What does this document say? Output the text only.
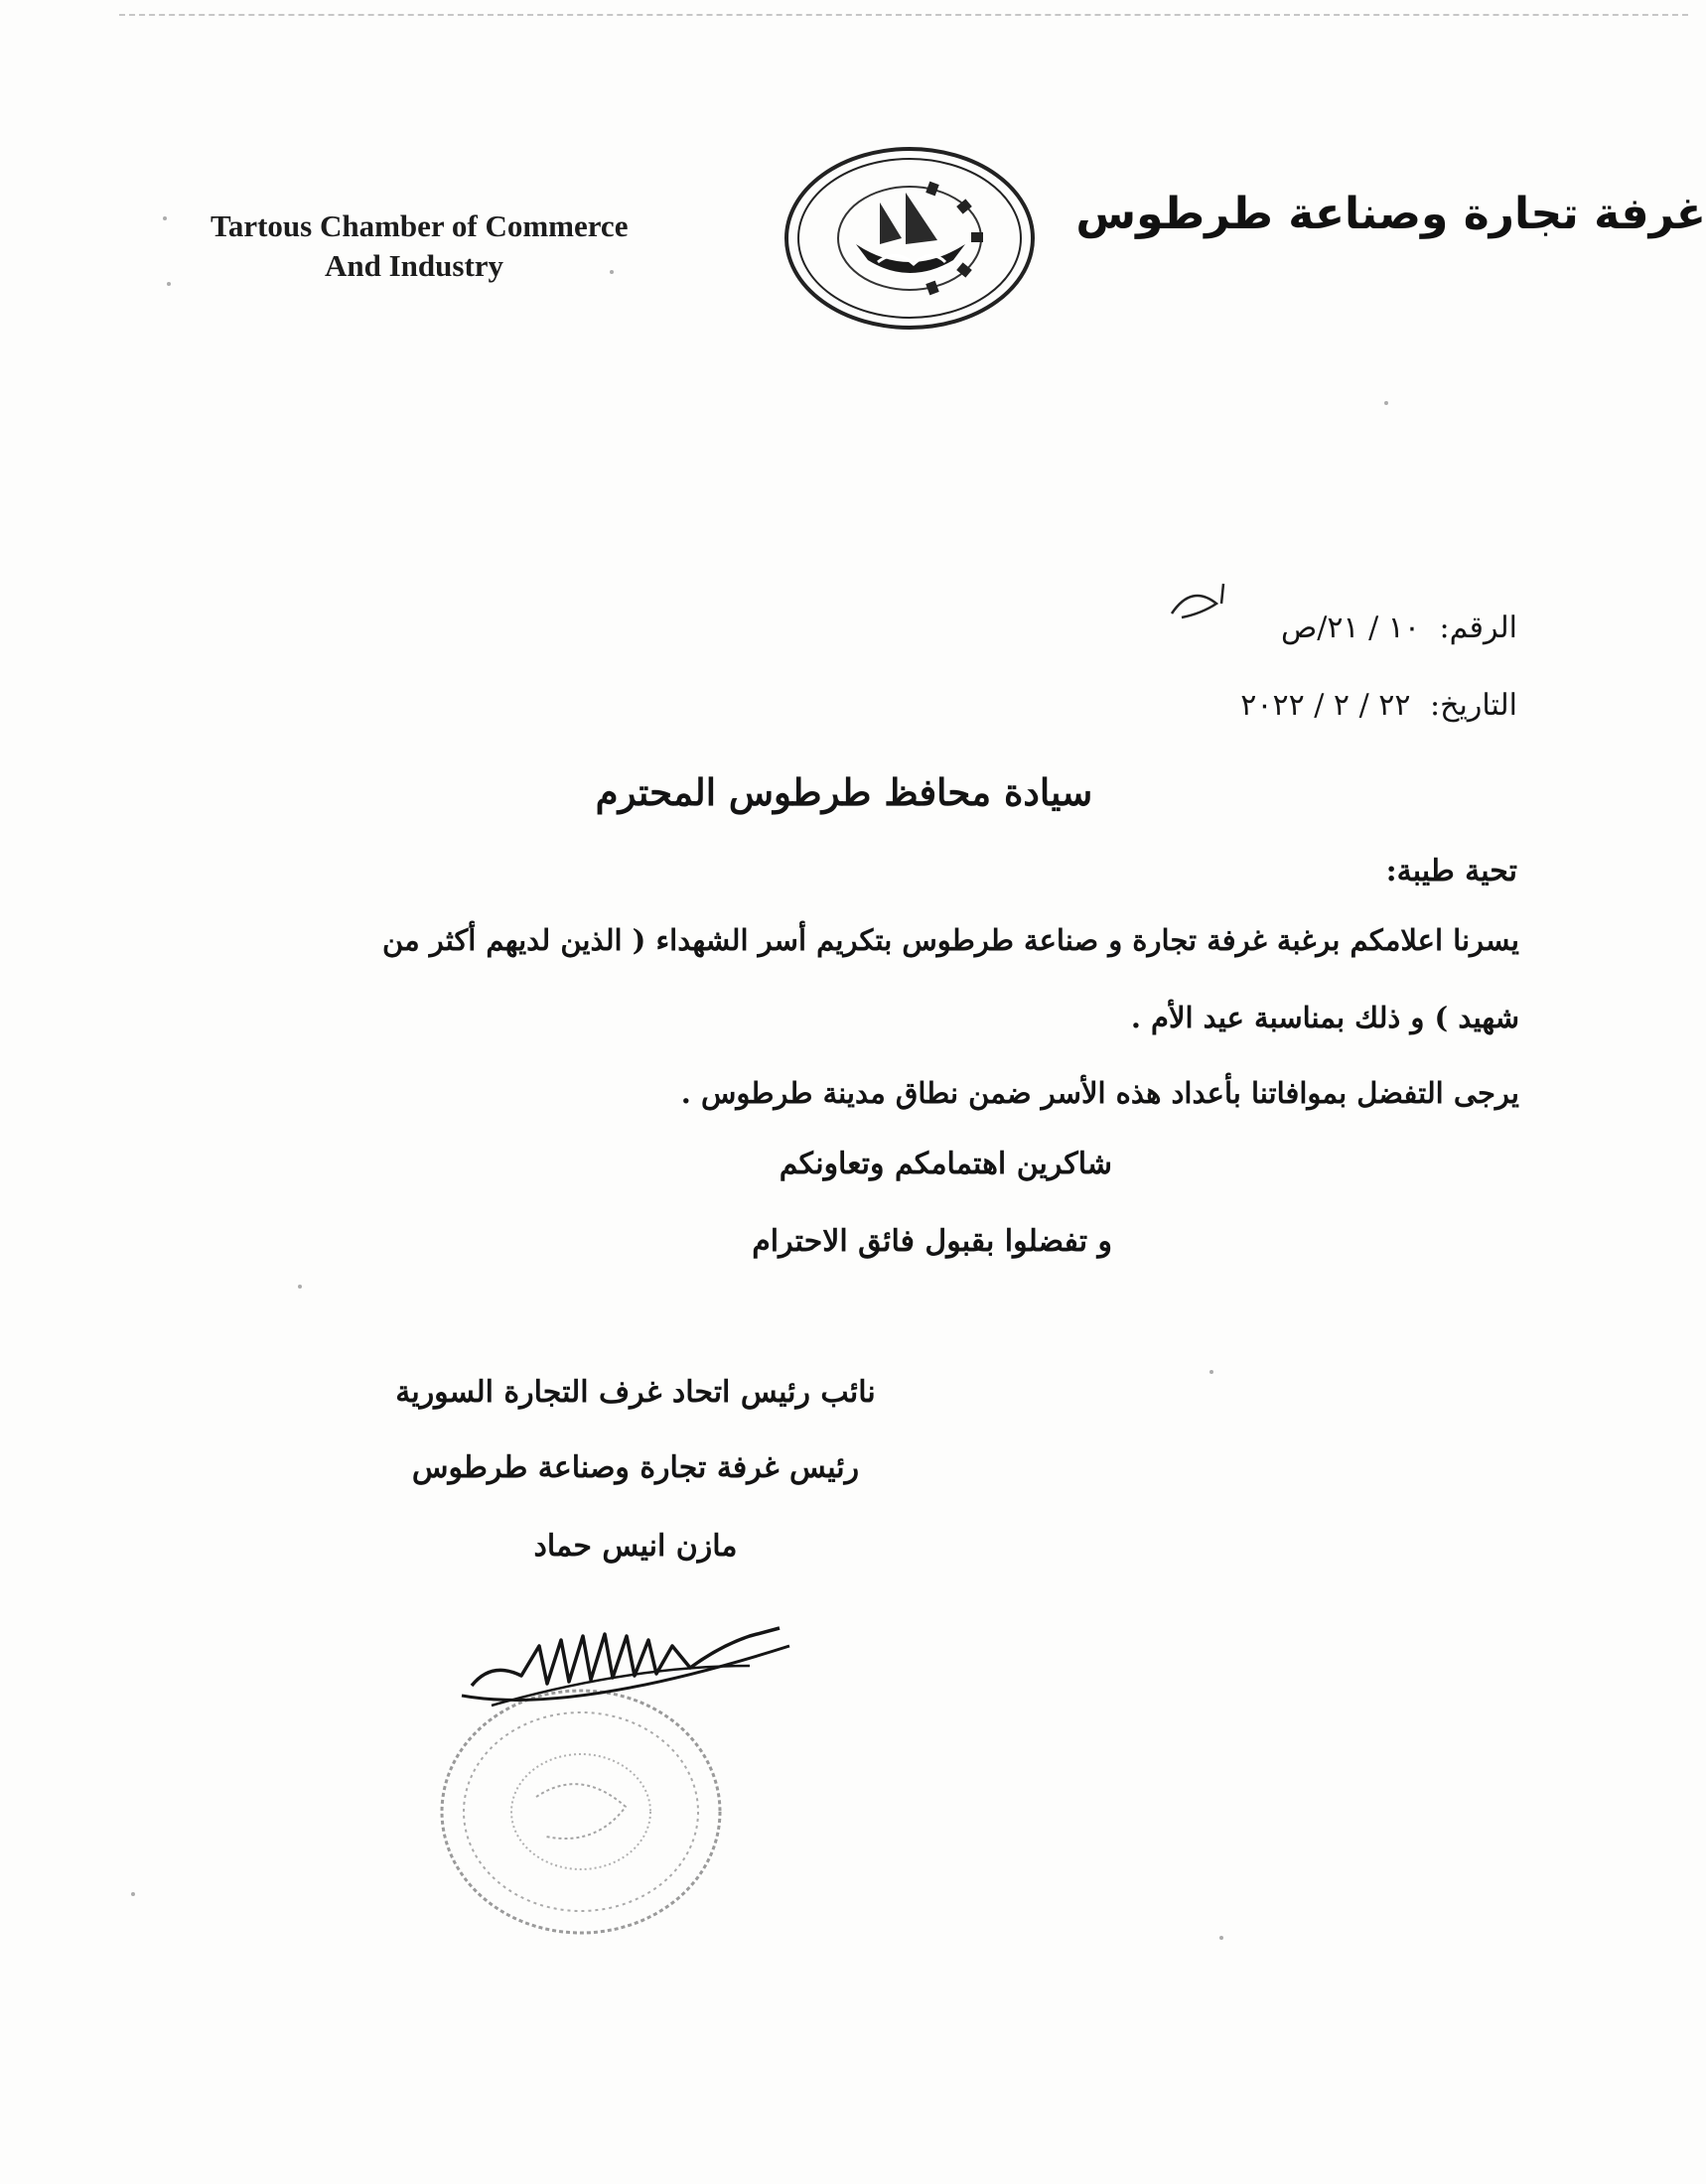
Tartous Chamber of Commerce
And Industry
غرفة تجارة وصناعة طرطوس
الرقم: ١٠ / ٢١/ص
التاريخ: ٢٢ / ٢ / ٢٠٢٢
سيادة محافظ طرطوس المحترم
تحية طيبة:
يسرنا اعلامكم برغبة غرفة تجارة و صناعة طرطوس بتكريم أسر الشهداء ( الذين لديهم أكثر من
شهيد ) و ذلك بمناسبة عيد الأم .
يرجى التفضل بموافاتنا بأعداد هذه الأسر ضمن نطاق مدينة طرطوس .
شاكرين اهتمامكم وتعاونكم
و تفضلوا بقبول فائق الاحترام
نائب رئيس اتحاد غرف التجارة السورية
رئيس غرفة تجارة وصناعة طرطوس
مازن انيس حماد
